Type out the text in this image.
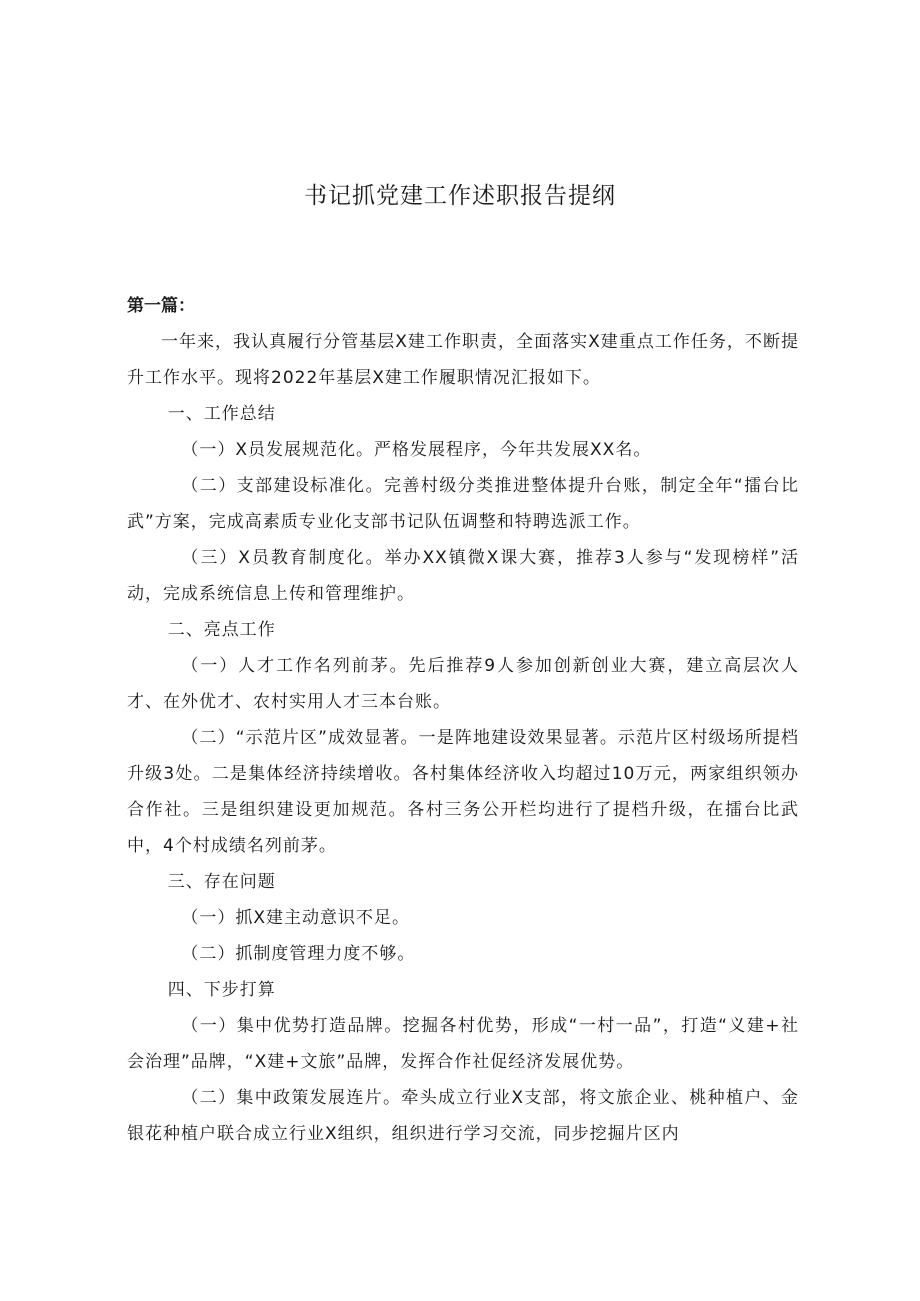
书记抓党建工作述职报告提纲

第一篇：

一年来，我认真履行分管基层X建工作职责，全面落实X建重点工作任务，不断提升工作水平。现将2022年基层X建工作履职情况汇报如下。

一、工作总结

（一）X员发展规范化。严格发展程序，今年共发展XX名。

（二）支部建设标准化。完善村级分类推进整体提升台账，制定全年“擂台比武”方案，完成高素质专业化支部书记队伍调整和特聘选派工作。

（三）X员教育制度化。举办XX镇微X课大赛，推荐3人参与“发现榜样”活动，完成系统信息上传和管理维护。

二、亮点工作

（一）人才工作名列前茅。先后推荐9人参加创新创业大赛，建立高层次人才、在外优才、农村实用人才三本台账。

（二）“示范片区”成效显著。一是阵地建设效果显著。示范片区村级场所提档升级3处。二是集体经济持续增收。各村集体经济收入均超过10万元，两家组织领办合作社。三是组织建设更加规范。各村三务公开栏均进行了提档升级，在擂台比武中，4个村成绩名列前茅。

三、存在问题

（一）抓X建主动意识不足。

（二）抓制度管理力度不够。

四、下步打算

（一）集中优势打造品牌。挖掘各村优势，形成“一村一品”，打造“义建+社会治理”品牌，“X建+文旅”品牌，发挥合作社促经济发展优势。

（二）集中政策发展连片。牵头成立行业X支部，将文旅企业、桃种植户、金银花种植户联合成立行业X组织，组织进行学习交流，同步挖掘片区内
